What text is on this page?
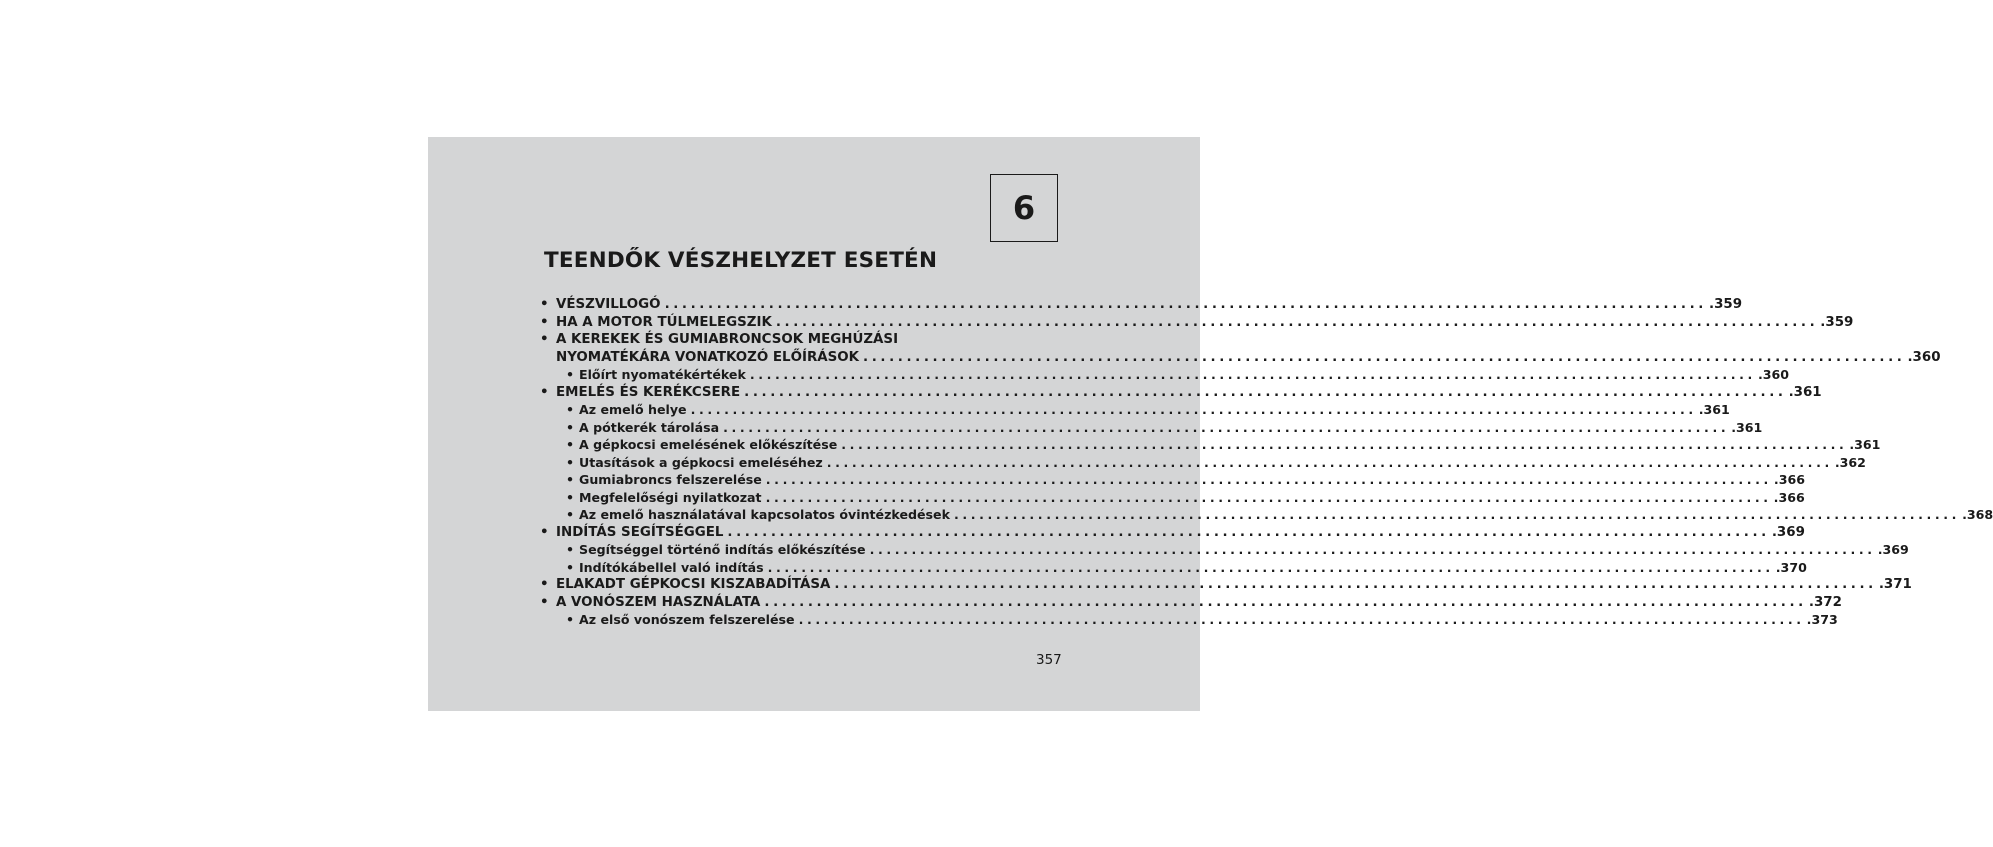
6
TEENDŐK VÉSZHELYZET ESETÉN
• VÉSZVILLOGÓ ........................................................................................................................ .359
• HA A MOTOR TÚLMELEGSZIK ........................................................................................................................ .359
• A KEREKEK ÉS GUMIABRONCSOK MEGHÚZÁSI
NYOMATÉKÁRA VONATKOZÓ ELŐÍRÁSOK ........................................................................................................................ .360
• Előírt nyomatékértékek ........................................................................................................................ .360
• EMELÉS ÉS KERÉKCSERE ........................................................................................................................ .361
• Az emelő helye ........................................................................................................................ .361
• A pótkerék tárolása ........................................................................................................................ .361
• A gépkocsi emelésének előkészítése ........................................................................................................................ .361
• Utasítások a gépkocsi emeléséhez ........................................................................................................................ .362
• Gumiabroncs felszerelése ........................................................................................................................ .366
• Megfelelőségi nyilatkozat ........................................................................................................................ .366
• Az emelő használatával kapcsolatos óvintézkedések ........................................................................................................................ .368
• INDÍTÁS SEGÍTSÉGGEL ........................................................................................................................ .369
• Segítséggel történő indítás előkészítése ........................................................................................................................ .369
• Indítókábellel való indítás ........................................................................................................................ .370
• ELAKADT GÉPKOCSI KISZABADÍTÁSA ........................................................................................................................ .371
• A VONÓSZEM HASZNÁLATA ........................................................................................................................ .372
• Az első vonószem felszerelése ........................................................................................................................ .373
357
